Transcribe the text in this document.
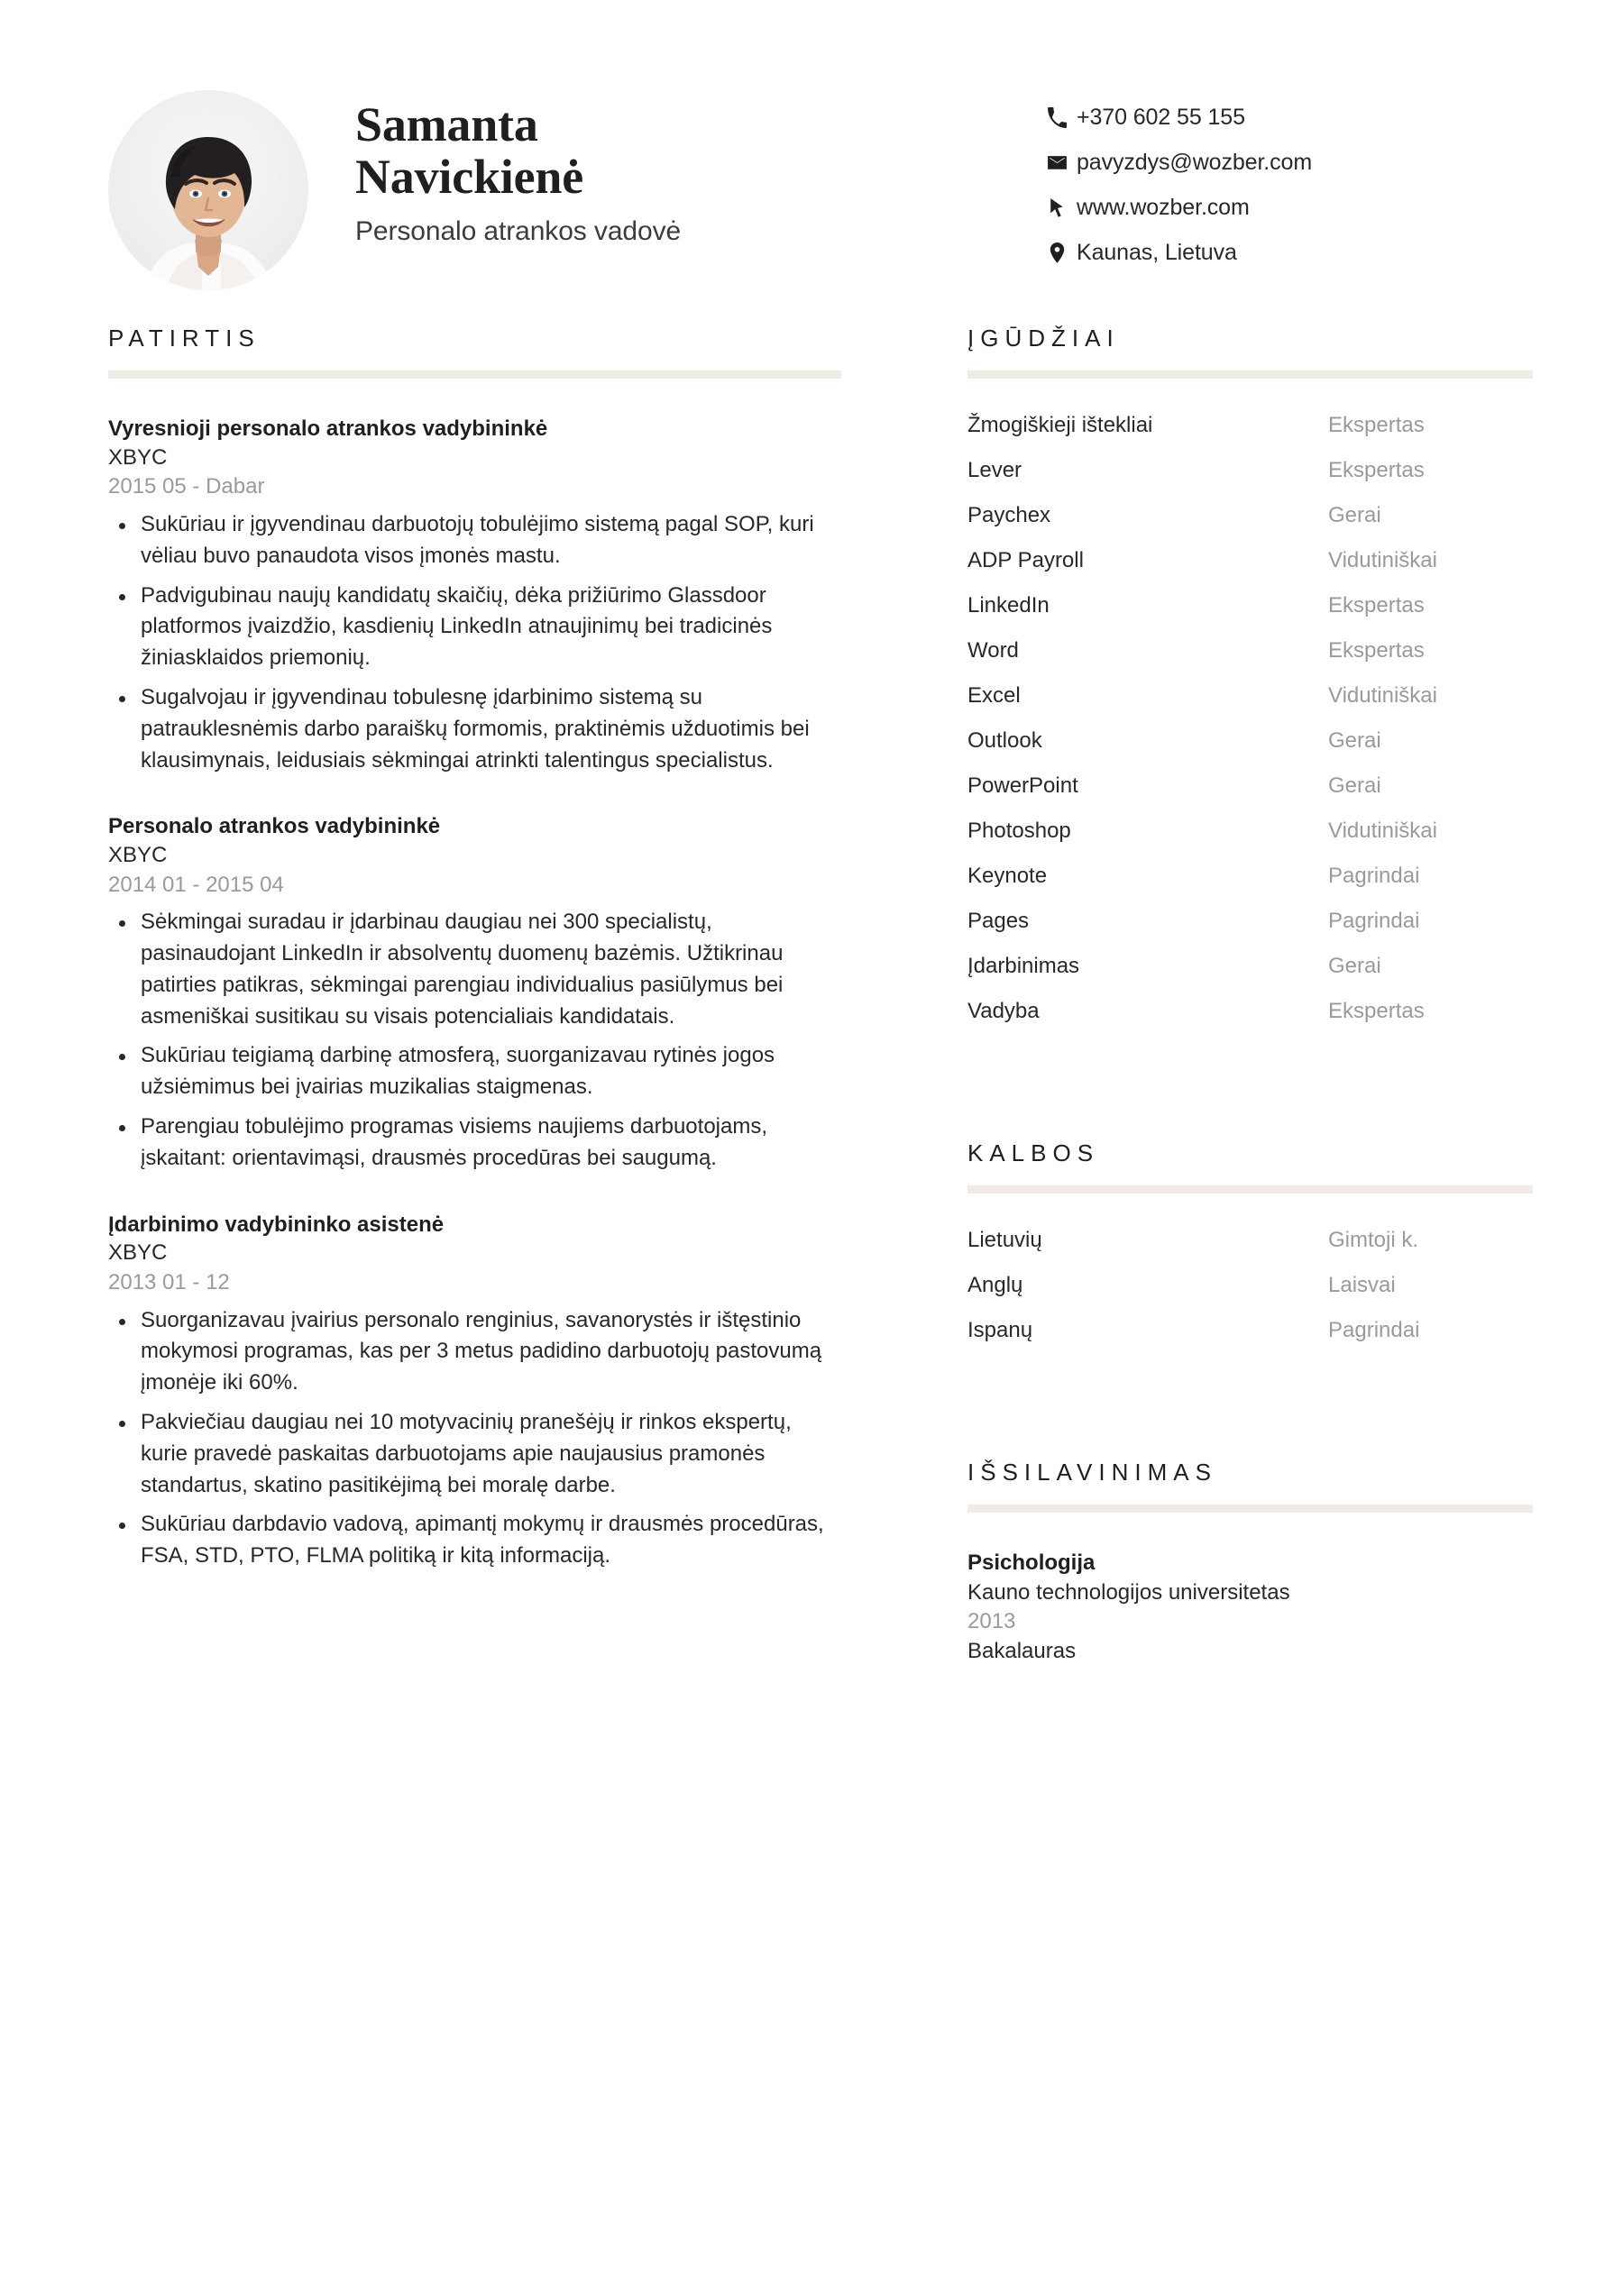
Samanta
Navickienė
Personalo atrankos vadovė
+370 602 55 155
pavyzdys@wozber.com
www.wozber.com
Kaunas, Lietuva
PATIRTIS
Vyresnioji personalo atrankos vadybininkė
XBYC
2015 05 - Dabar
Sukūriau ir įgyvendinau darbuotojų tobulėjimo sistemą pagal SOP, kuri vėliau buvo panaudota visos įmonės mastu.
Padvigubinau naujų kandidatų skaičių, dėka prižiūrimo Glassdoor platformos įvaizdžio, kasdienių LinkedIn atnaujinimų bei tradicinės žiniasklaidos priemonių.
Sugalvojau ir įgyvendinau tobulesnę įdarbinimo sistemą su patrauklesnėmis darbo paraiškų formomis, praktinėmis užduotimis bei klausimynais, leidusiais sėkmingai atrinkti talentingus specialistus.
Personalo atrankos vadybininkė
XBYC
2014 01 - 2015 04
Sėkmingai suradau ir įdarbinau daugiau nei 300 specialistų, pasinaudojant LinkedIn ir absolventų duomenų bazėmis. Užtikrinau patirties patikras, sėkmingai parengiau individualius pasiūlymus bei asmeniškai susitikau su visais potencialiais kandidatais.
Sukūriau teigiamą darbinę atmosferą, suorganizavau rytinės jogos užsiėmimus bei įvairias muzikalias staigmenas.
Parengiau tobulėjimo programas visiems naujiems darbuotojams, įskaitant: orientavimąsi, drausmės procedūras bei saugumą.
Įdarbinimo vadybininko asistenė
XBYC
2013 01 - 12
Suorganizavau įvairius personalo renginius, savanorystės ir ištęstinio mokymosi programas, kas per 3 metus padidino darbuotojų pastovumą įmonėje iki 60%.
Pakviečiau daugiau nei 10 motyvacinių pranešėjų ir rinkos ekspertų, kurie pravedė paskaitas darbuotojams apie naujausius pramonės standartus, skatino pasitikėjimą bei moralę darbe.
Sukūriau darbdavio vadovą, apimantį mokymų ir drausmės procedūras, FSA, STD, PTO, FLMA politiką ir kitą informaciją.
ĮGŪDŽIAI
Žmogiškieji ištekliai	Ekspertas
Lever	Ekspertas
Paychex	Gerai
ADP Payroll	Vidutiniškai
LinkedIn	Ekspertas
Word	Ekspertas
Excel	Vidutiniškai
Outlook	Gerai
PowerPoint	Gerai
Photoshop	Vidutiniškai
Keynote	Pagrindai
Pages	Pagrindai
Įdarbinimas	Gerai
Vadyba	Ekspertas
KALBOS
Lietuvių	Gimtoji k.
Anglų	Laisvai
Ispanų	Pagrindai
IŠSILAVINIMAS
Psichologija
Kauno technologijos universitetas
2013
Bakalauras
